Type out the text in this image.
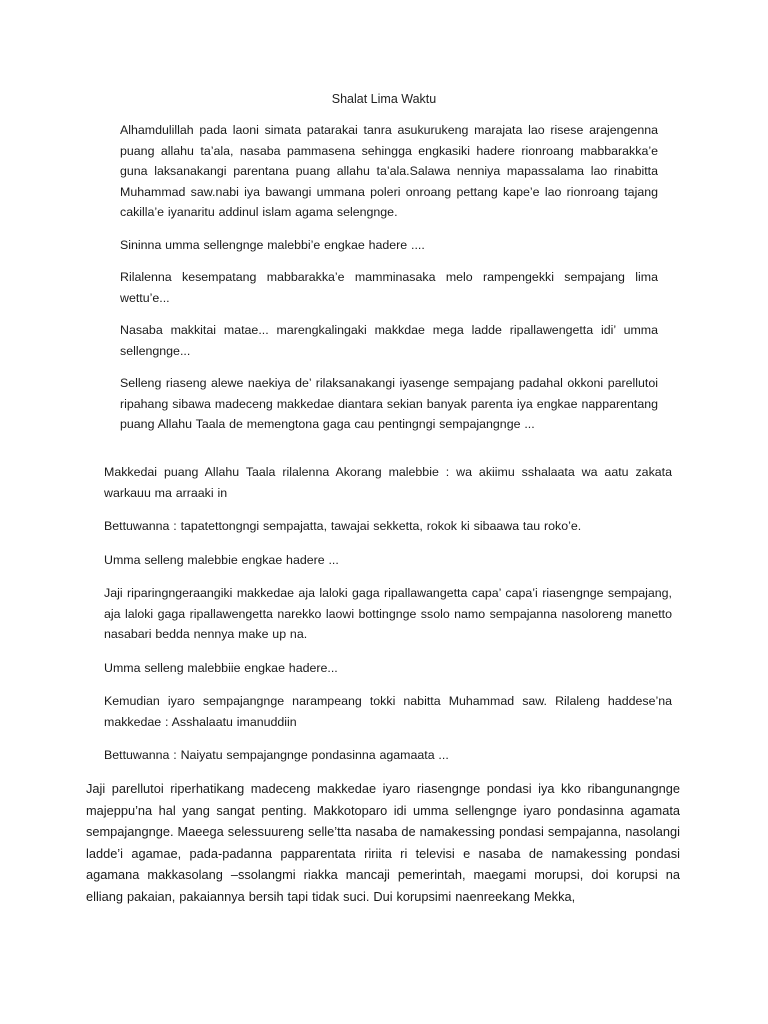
Shalat Lima Waktu

Alhamdulillah pada laoni simata patarakai tanra asukurukeng marajata lao risese arajengenna puang allahu ta’ala, nasaba pammasena sehingga engkasiki hadere rionroang mabbarakka’e guna laksanakangi parentana puang allahu ta’ala.Salawa nenniya mapassalama lao rinabitta Muhammad saw.nabi iya bawangi ummana poleri onroang pettang kape’e lao rionroang tajang cakilla’e iyanaritu addinul islam agama selengnge.

Sininna umma sellengnge malebbi’e engkae hadere ....

Rilalenna kesempatang mabbarakka’e mamminasaka melo rampengekki sempajang lima wettu’e...

Nasaba makkitai matae... marengkalingaki makkdae mega ladde ripallawengetta idi’ umma sellengnge...

Selleng riaseng alewe naekiya de’ rilaksanakangi iyasenge sempajang padahal okkoni parellutoi ripahang sibawa madeceng makkedae diantara sekian banyak parenta iya engkae napparentang puang Allahu Taala de memengtona gaga cau pentingngi sempajangnge ...

Makkedai puang Allahu Taala rilalenna Akorang malebbie : wa akiimu sshalaata wa aatu zakata warkauu ma arraaki in

Bettuwanna : tapatettongngi sempajatta, tawajai sekketta, rokok ki sibaawa tau roko’e.

Umma selleng malebbie engkae hadere ...

Jaji riparingngeraangiki makkedae aja laloki gaga ripallawangetta capa’ capa’i riasengnge sempajang, aja laloki gaga ripallawengetta narekko laowi bottingnge ssolo namo sempajanna nasoloreng manetto nasabari bedda nennya make up na.

Umma selleng malebbiie engkae hadere...

Kemudian iyaro sempajangnge narampeang tokki nabitta Muhammad saw. Rilaleng haddese’na makkedae : Asshalaatu imanuddiin

Bettuwanna : Naiyatu sempajangnge pondasinna agamaata ...

Jaji parellutoi riperhatikang madeceng makkedae iyaro riasengnge pondasi iya kko ribangunangnge majeppu’na hal yang sangat penting. Makkotoparo idi umma sellengnge iyaro pondasinna agamata sempajangnge. Maeega selessuureng selle’tta nasaba de namakessing pondasi sempajanna, nasolangi ladde’i agamae, pada-padanna papparentata ririita ri televisi e nasaba de namakessing pondasi agamana makkasolang –ssolangmi riakka mancaji pemerintah, maegami morupsi, doi korupsi na elliang pakaian, pakaiannya bersih tapi tidak suci. Dui korupsimi naenreekang Mekka,
